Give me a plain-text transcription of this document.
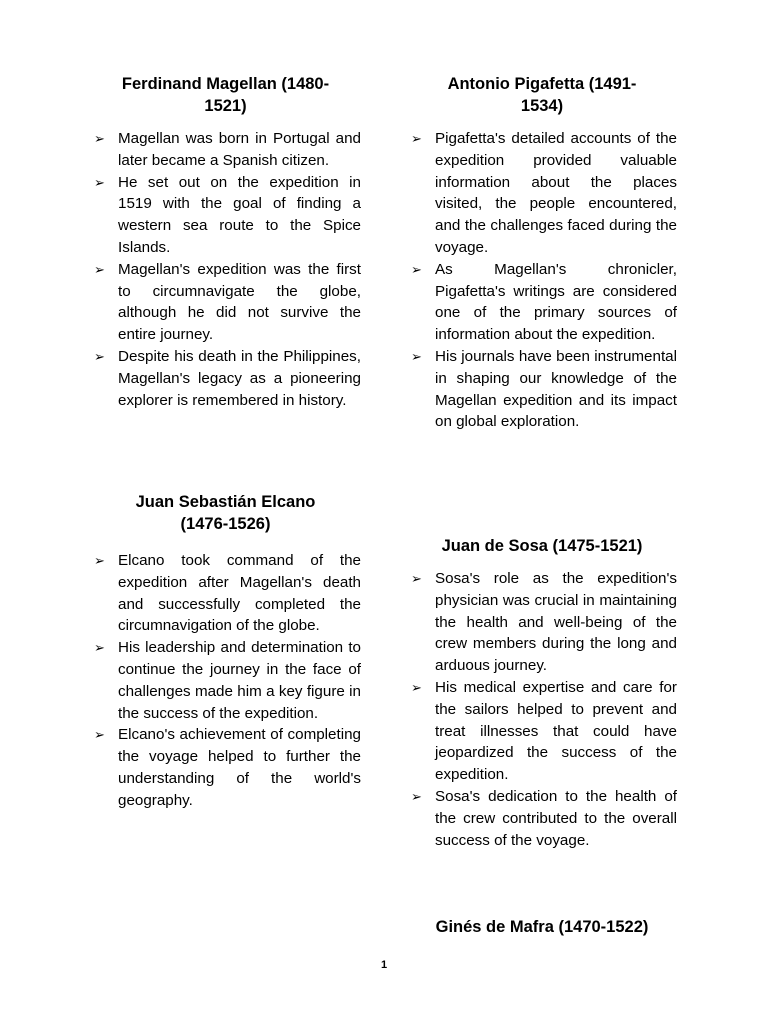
Ferdinand Magellan (1480-
1521)
➢ Magellan was born in Portugal and later became a Spanish citizen.
➢ He set out on the expedition in 1519 with the goal of finding a western sea route to the Spice Islands.
➢ Magellan's expedition was the first to circumnavigate the globe, although he did not survive the entire journey.
➢ Despite his death in the Philippines, Magellan's legacy as a pioneering explorer is remembered in history.
Juan Sebastián Elcano
(1476-1526)
➢ Elcano took command of the expedition after Magellan's death and successfully completed the circumnavigation of the globe.
➢ His leadership and determination to continue the journey in the face of challenges made him a key figure in the success of the expedition.
➢ Elcano's achievement of completing the voyage helped to further the understanding of the world's geography.
Antonio Pigafetta (1491-
1534)
➢ Pigafetta's detailed accounts of the expedition provided valuable information about the places visited, the people encountered, and the challenges faced during the voyage.
➢ As Magellan's chronicler, Pigafetta's writings are considered one of the primary sources of information about the expedition.
➢ His journals have been instrumental in shaping our knowledge of the Magellan expedition and its impact on global exploration.
Juan de Sosa (1475-1521)
➢ Sosa's role as the expedition's physician was crucial in maintaining the health and well-being of the crew members during the long and arduous journey.
➢ His medical expertise and care for the sailors helped to prevent and treat illnesses that could have jeopardized the success of the expedition.
➢ Sosa's dedication to the health of the crew contributed to the overall success of the voyage.
Ginés de Mafra (1470-1522)
1
